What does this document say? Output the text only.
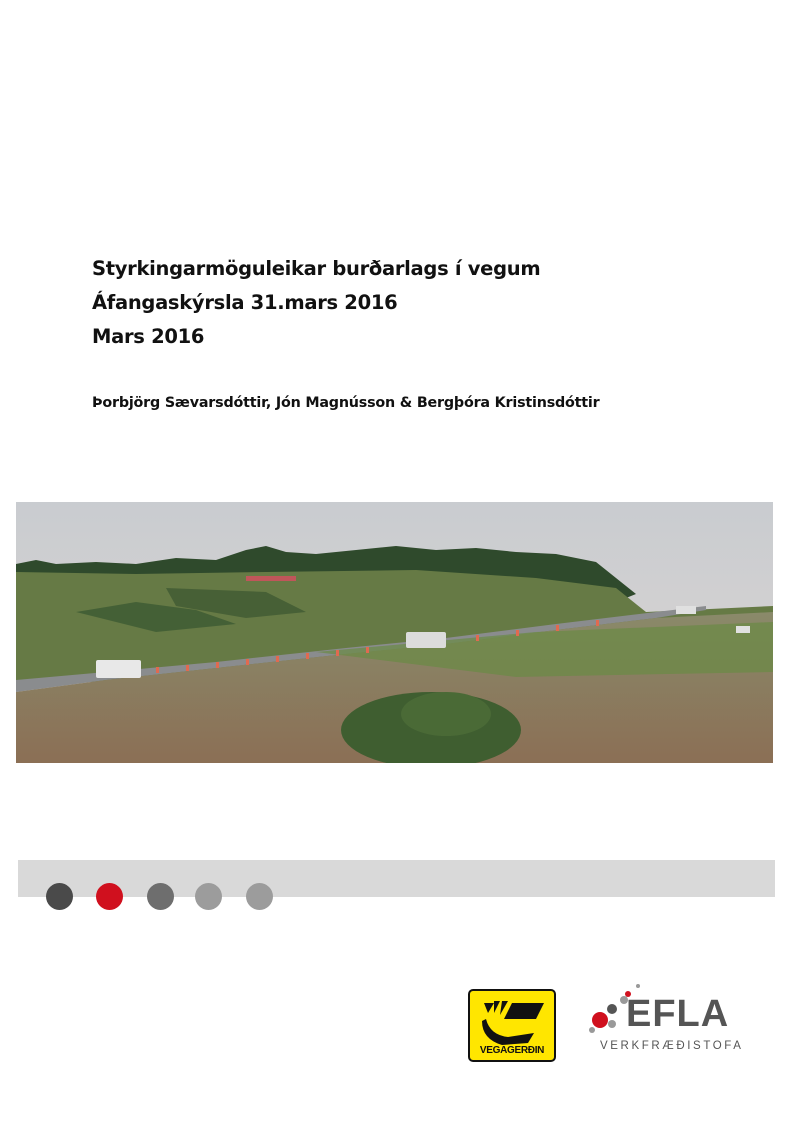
Styrkingarmöguleikar burðarlags í vegum
Áfangaskýrsla 31.mars 2016
Mars 2016
Þorbjörg Sævarsdóttir, Jón Magnússon & Bergþóra Kristinsdóttir
VEGAGERÐIN
EFLA
VERKFRÆÐISTOFA
